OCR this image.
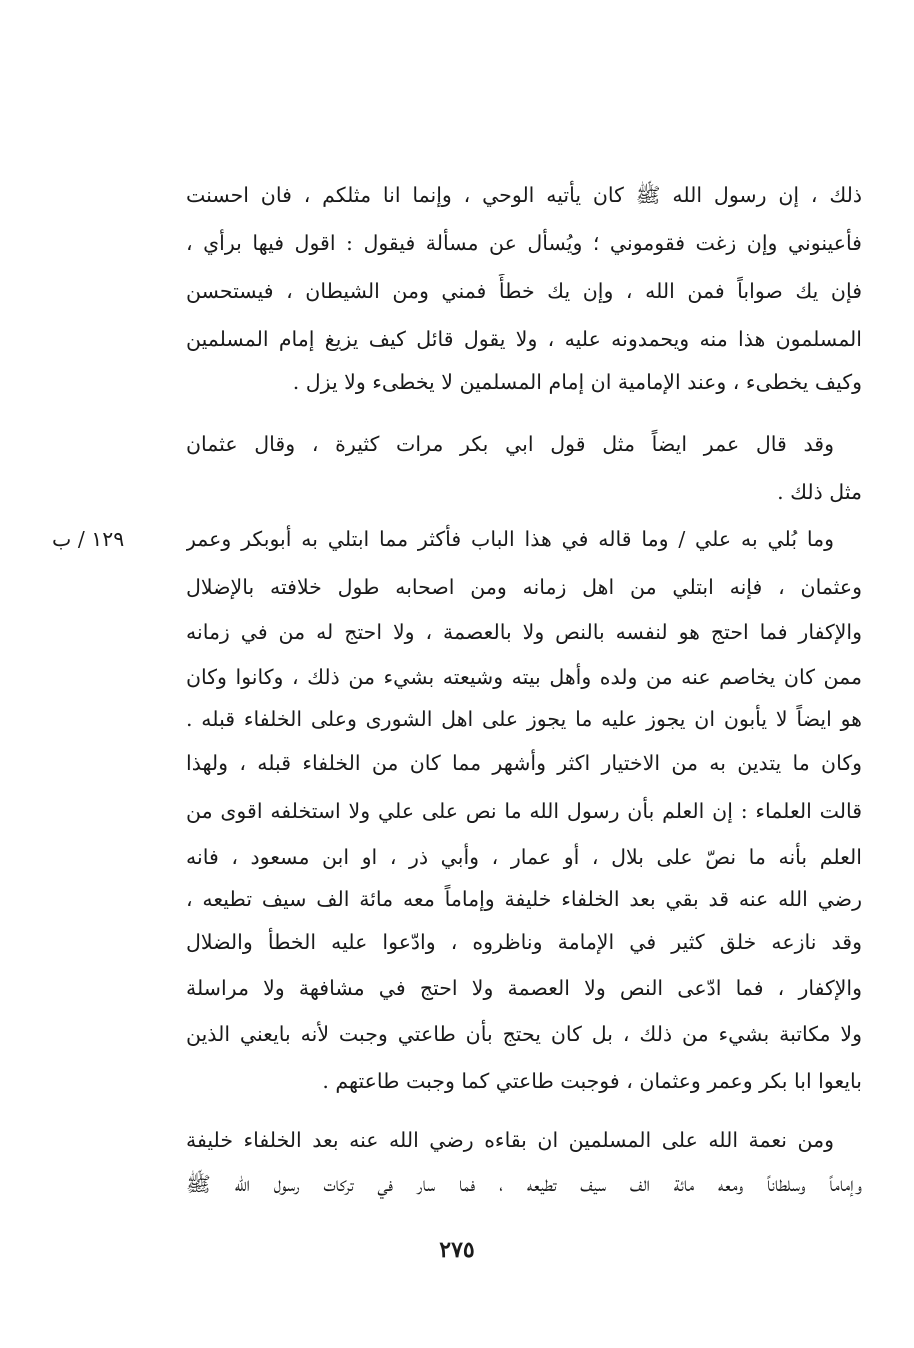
ذلك ، إن رسول الله ﷺ كان يأتيه الوحي ، وإنما انا مثلكم ، فان احسنت
فأعينوني وإن زغت فقوموني ؛ ويُسأل عن مسألة فيقول : اقول فيها برأي ،
فإن يك صواباً فمن الله ، وإن يك خطأً فمني ومن الشيطان ، فيستحسن
المسلمون هذا منه ويحمدونه عليه ، ولا يقول قائل كيف يزيغ إمام المسلمين
وكيف يخطىء ، وعند الإمامية ان إمام المسلمين لا يخطىء ولا يزل .
وقد قال عمر ايضاً مثل قول ابي بكر مرات كثيرة ، وقال عثمان
مثل ذلك .
١٢٩ / ب	وما بُلي به علي / وما قاله في هذا الباب فأكثر مما ابتلي به أبوبكر وعمر
وعثمان ، فإنه ابتلي من اهل زمانه ومن اصحابه طول خلافته بالإضلال
والإكفار فما احتج هو لنفسه بالنص ولا بالعصمة ، ولا احتج له من في زمانه
ممن كان يخاصم عنه من ولده وأهل بيته وشيعته بشيء من ذلك ، وكانوا وكان
هو ايضاً لا يأبون ان يجوز عليه ما يجوز على اهل الشورى وعلى الخلفاء قبله .
وكان ما يتدين به من الاختيار اكثر وأشهر مما كان من الخلفاء قبله ، ولهذا
قالت العلماء : إن العلم بأن رسول الله ما نص على علي ولا استخلفه اقوى من
العلم بأنه ما نصّ على بلال ، أو عمار ، وأبي ذر ، او ابن مسعود ، فانه
رضي الله عنه قد بقي بعد الخلفاء خليفة وإماماً معه مائة الف سيف تطيعه ،
وقد نازعه خلق كثير في الإمامة وناظروه ، وادّعوا عليه الخطأ والضلال
والإكفار ، فما ادّعى النص ولا العصمة ولا احتج في مشافهة ولا مراسلة
ولا مكاتبة بشيء من ذلك ، بل كان يحتج بأن طاعتي وجبت لأنه بايعني الذين
بايعوا ابا بكر وعمر وعثمان ، فوجبت طاعتي كما وجبت طاعتهم .
ومن نعمة الله على المسلمين ان بقاءه رضي الله عنه بعد الخلفاء خليفة
وإماماً وسلطاناً ومعه مائة الف سيف تطيعه ، فما سار في تركات رسول الله ﷺ
٢٧٥
